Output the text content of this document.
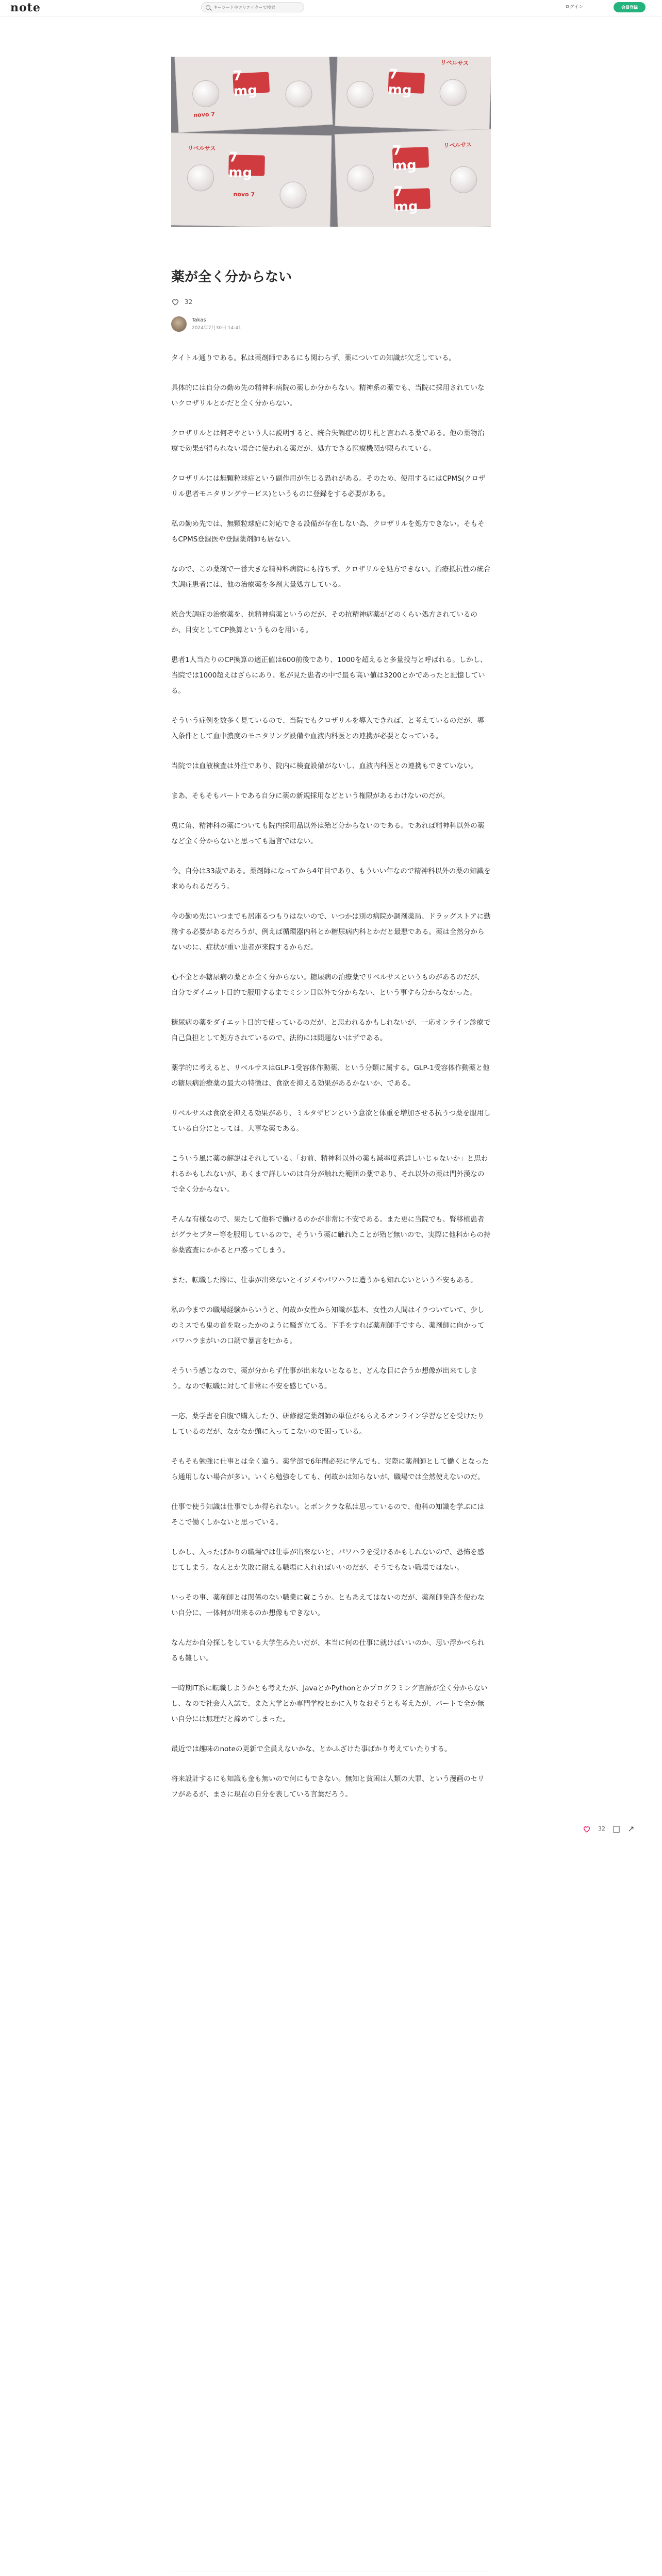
note
キーワードやクリエイターで検索	ログイン	会員登録
7 mg
novo 7
7 mg
リベルサス
7 mg
リベルサス
novo 7
7 mg
7 mg
リベルサス
薬が全く分からない
32
Takas
2024年7月30日 14:41

タイトル通りである。私は薬剤師であるにも関わらず、薬についての知識が欠乏している。

具体的には自分の勤め先の精神科病院の薬しか分からない。精神系の薬でも、当院に採用されていないクロザリルとかだと全く分からない。

クロザリルとは何ぞやという人に説明すると、統合失調症の切り札と言われる薬である。他の薬物治療で効果が得られない場合に使われる薬だが、処方できる医療機関が限られている。

クロザリルには無顆粒球症という副作用が生じる恐れがある。そのため、使用するにはCPMS(クロザリル患者モニタリングサービス)というものに登録をする必要がある。

私の勤め先では、無顆粒球症に対応できる設備が存在しない為、クロザリルを処方できない。そもそもCPMS登録医や登録薬剤師も居ない。

なので、この薬剤で一番大きな精神科病院にも持ちず、クロザリルを処方できない。治療抵抗性の統合失調症患者には、他の治療薬を多剤大量処方している。

統合失調症の治療薬を、抗精神病薬というのだが、その抗精神病薬がどのくらい処方されているのか、目安としてCP換算というものを用いる。

患者1人当たりのCP換算の適正値は600前後であり、1000を超えると多量投与と呼ばれる。しかし、当院では1000超えはざらにあり、私が見た患者の中で最も高い値は3200とかであったと記憶している。

そういう症例を数多く見ているので、当院でもクロザリルを導入できれば、と考えているのだが、導入条件として血中濃度のモニタリング設備や血液内科医との連携が必要となっている。

当院では血液検査は外注であり、院内に検査設備がないし、血液内科医との連携もできていない。

まあ、そもそもパートである自分に薬の新規採用などという権限があるわけないのだが。

兎に角、精神科の薬についても院内採用品以外は殆ど分からないのである。であれば精神科以外の薬など全く分からないと思っても過言ではない。

今、自分は33歳である。薬剤師になってから4年目であり、もういい年なので精神科以外の薬の知識を求められるだろう。

今の勤め先にいつまでも居座るつもりはないので、いつかは別の病院か調剤薬局、ドラッグストアに勤務する必要があるだろうが、例えば循環器内科とか糖尿病内科とかだと最悪である。薬は全然分からないのに、症状が重い患者が来院するからだ。

心不全とか糖尿病の薬とか全く分からない。糖尿病の治療薬でリベルサスというものがあるのだが、自分でダイエット目的で服用するまでミシン目以外で分からない、という事すら分からなかった。

糖尿病の薬をダイエット目的で使っているのだが、と思われるかもしれないが、一応オンライン診療で自己負担として処方されているので、法的には問題ないはずである。

薬学的に考えると、リベルサスはGLP-1受容体作動薬、という分類に属する。GLP-1受容体作動薬と他の糖尿病治療薬の最大の特徴は、食欲を抑える効果があるかないか、である。

リベルサスは食欲を抑える効果があり、ミルタザピンという意欲と体重を増加させる抗うつ薬を服用している自分にとっては、大事な薬である。

こういう風に薬の解説はそれしている。「お前、精神科以外の薬も減率度系詳しいじゃないか」と思われるかもしれないが、あくまで詳しいのは自分が触れた範囲の薬であり、それ以外の薬は門外漢なので全く分からない。

そんな有様なので、果たして他科で働けるのかが非常に不安である。また更に当院でも、腎移植患者がグラセプター等を服用しているので、そういう薬に触れたことが殆ど無いので、実際に他科からの持参薬監査にかかると戸惑ってしまう。

また、転職した際に、仕事が出来ないとイジメやパワハラに遭うかも知れないという不安もある。

私の今までの職場経験からいうと、何故か女性から知識が基本、女性の人間はイラついていて、少しのミスでも鬼の首を取ったかのように騒ぎ立てる。下手をすれば薬剤師手ですら、薬剤師に向かってパワハラまがいの口調で暴言を吐かる。

そういう感じなので、薬が分からず仕事が出来ないとなると、どんな目に合うか想像が出来てしまう。なので転職に対して非常に不安を感じている。

一応、薬学書を自腹で購入したり、研修認定薬剤師の単位がもらえるオンライン学習などを受けたりしているのだが、なかなか頭に入ってこないので困っている。

そもそも勉強に仕事とは全く違う。薬学部で6年間必死に学んでも、実際に薬剤師として働くとなったら通用しない場合が多い。いくら勉強をしても、何故かは知らないが、職場では全然使えないのだ。

仕事で使う知識は仕事でしか得られない。とボンクラな私は思っているので、他科の知識を学ぶにはそこで働くしかないと思っている。

しかし、入ったばかりの職場では仕事が出来ないと、パワハラを受けるかもしれないので、恐怖を感じてしまう。なんとか失敗に耐える職場に入れればいいのだが、そうでもない職場ではない。

いっその事、薬剤師とは関係のない職業に就こうか。ともあえてはないのだが、薬剤師免許を使わない自分に、一体何が出来るのか想像もできない。

なんだか自分探しをしている大学生みたいだが、本当に何の仕事に就けばいいのか、思い浮かべられるも難しい。

一時期IT系に転職しようかとも考えたが、JavaとかPythonとかプログラミング言語が全く分からないし、なので社会人入試で、また大学とか専門学校とかに入りなおそうとも考えたが、パートで全か無い自分には無理だと諦めてしまった。

最近では趣味のnoteの更新で全員えないかな、とかふざけた事ばかり考えていたりする。

将来設計するにも知識も金も無いので何にもできない。無知と貧困は人類の大罪、という漫画のセリフがあるが、まさに現在の自分を表している言葉だろう。

32 □ ↗
